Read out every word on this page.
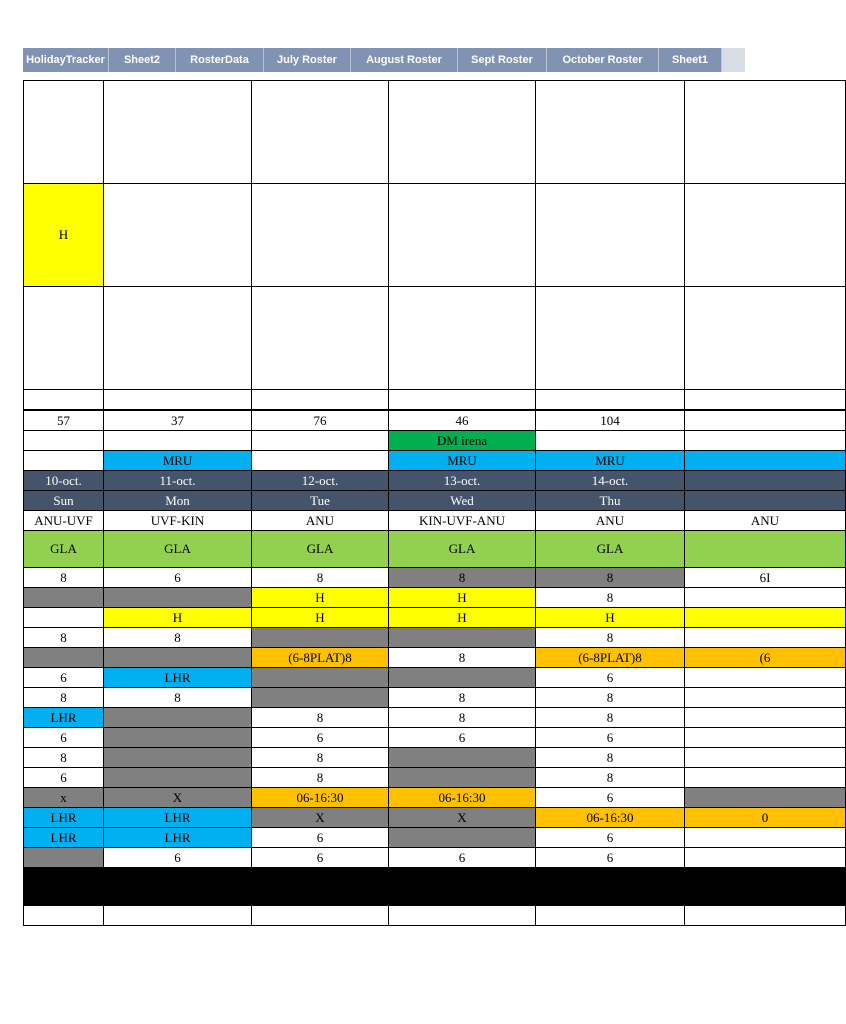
HolidayTracker	Sheet2	RosterData	July Roster	August Roster	Sept Roster	October Roster	Sheet1

H					

57	37	76	46	104	
			DM irena		
	MRU		MRU	MRU	
10-oct.	11-oct.	12-oct.	13-oct.	14-oct.	
Sun	Mon	Tue	Wed	Thu	
ANU-UVF	UVF-KIN	ANU	KIN-UVF-ANU	ANU	ANU
GLA	GLA	GLA	GLA	GLA	
8	6	8	8	8	6I
		H	H	8	
	H	H	H	H	
8	8			8	
		(6-8PLAT)8	8	(6-8PLAT)8	(6
6	LHR			6	
8	8		8	8	
LHR		8	8	8	
6		6	6	6	
8		8		8	
6		8		8	
x	X	06-16:30	06-16:30	6	
LHR	LHR	X	X	06-16:30	0
LHR	LHR	6		6	
	6	6	6	6	
